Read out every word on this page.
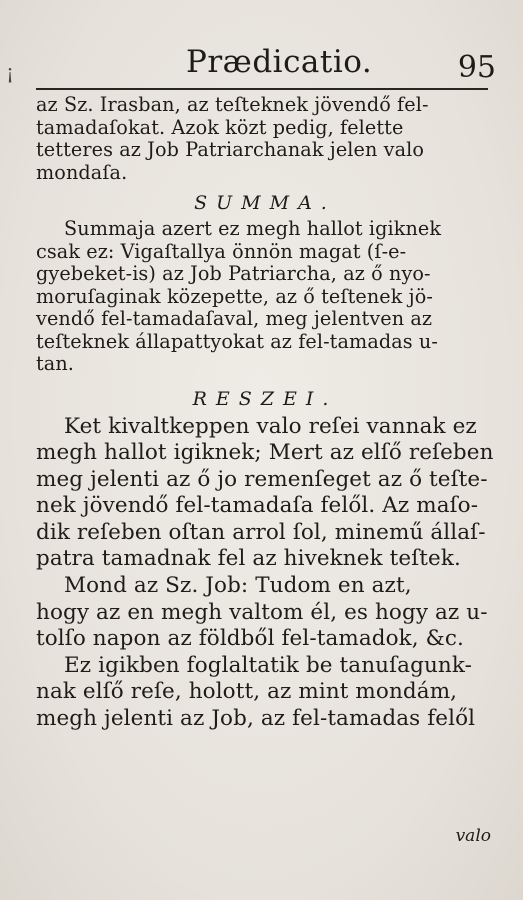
¡	Prædicatio.	95
az Sz. Irasban, az teſteknek jövendő fel-
tamadaſokat. Azok közt pedig, felette
tetteres az Job Patriarchanak jelen valo
mondaſa.
SUMMA.
Summaja azert ez megh hallot igiknek
csak ez: Vigaſtallya önnön magat (ſ-e-
gyebeket-is) az Job Patriarcha, az ő nyo-
moruſaginak közepette, az ő teſtenek jö-
vendő fel-tamadaſaval, meg jelentven az
teſteknek állapattyokat az fel-tamadas u-
tan.
RESZEI.
Ket kivaltkeppen valo reſei vannak ez
megh hallot igiknek; Mert az elſő reſeben
meg jelenti az ő jo remenſeget az ő teſte-
nek jövendő fel-tamadaſa felől. Az maſo-
dik reſeben oſtan arrol ſol, minemű állaſ-
patra tamadnak fel az hiveknek teſtek.
Mond az Sz. Job: Tudom en azt,
hogy az en megh valtom él, es hogy az u-
tolſo napon az földből fel-tamadok, &c.
Ez igikben foglaltatik be tanuſagunk-
nak elſő reſe, holott, az mint mondám,
megh jelenti az Job, az fel-tamadas felől
valo
